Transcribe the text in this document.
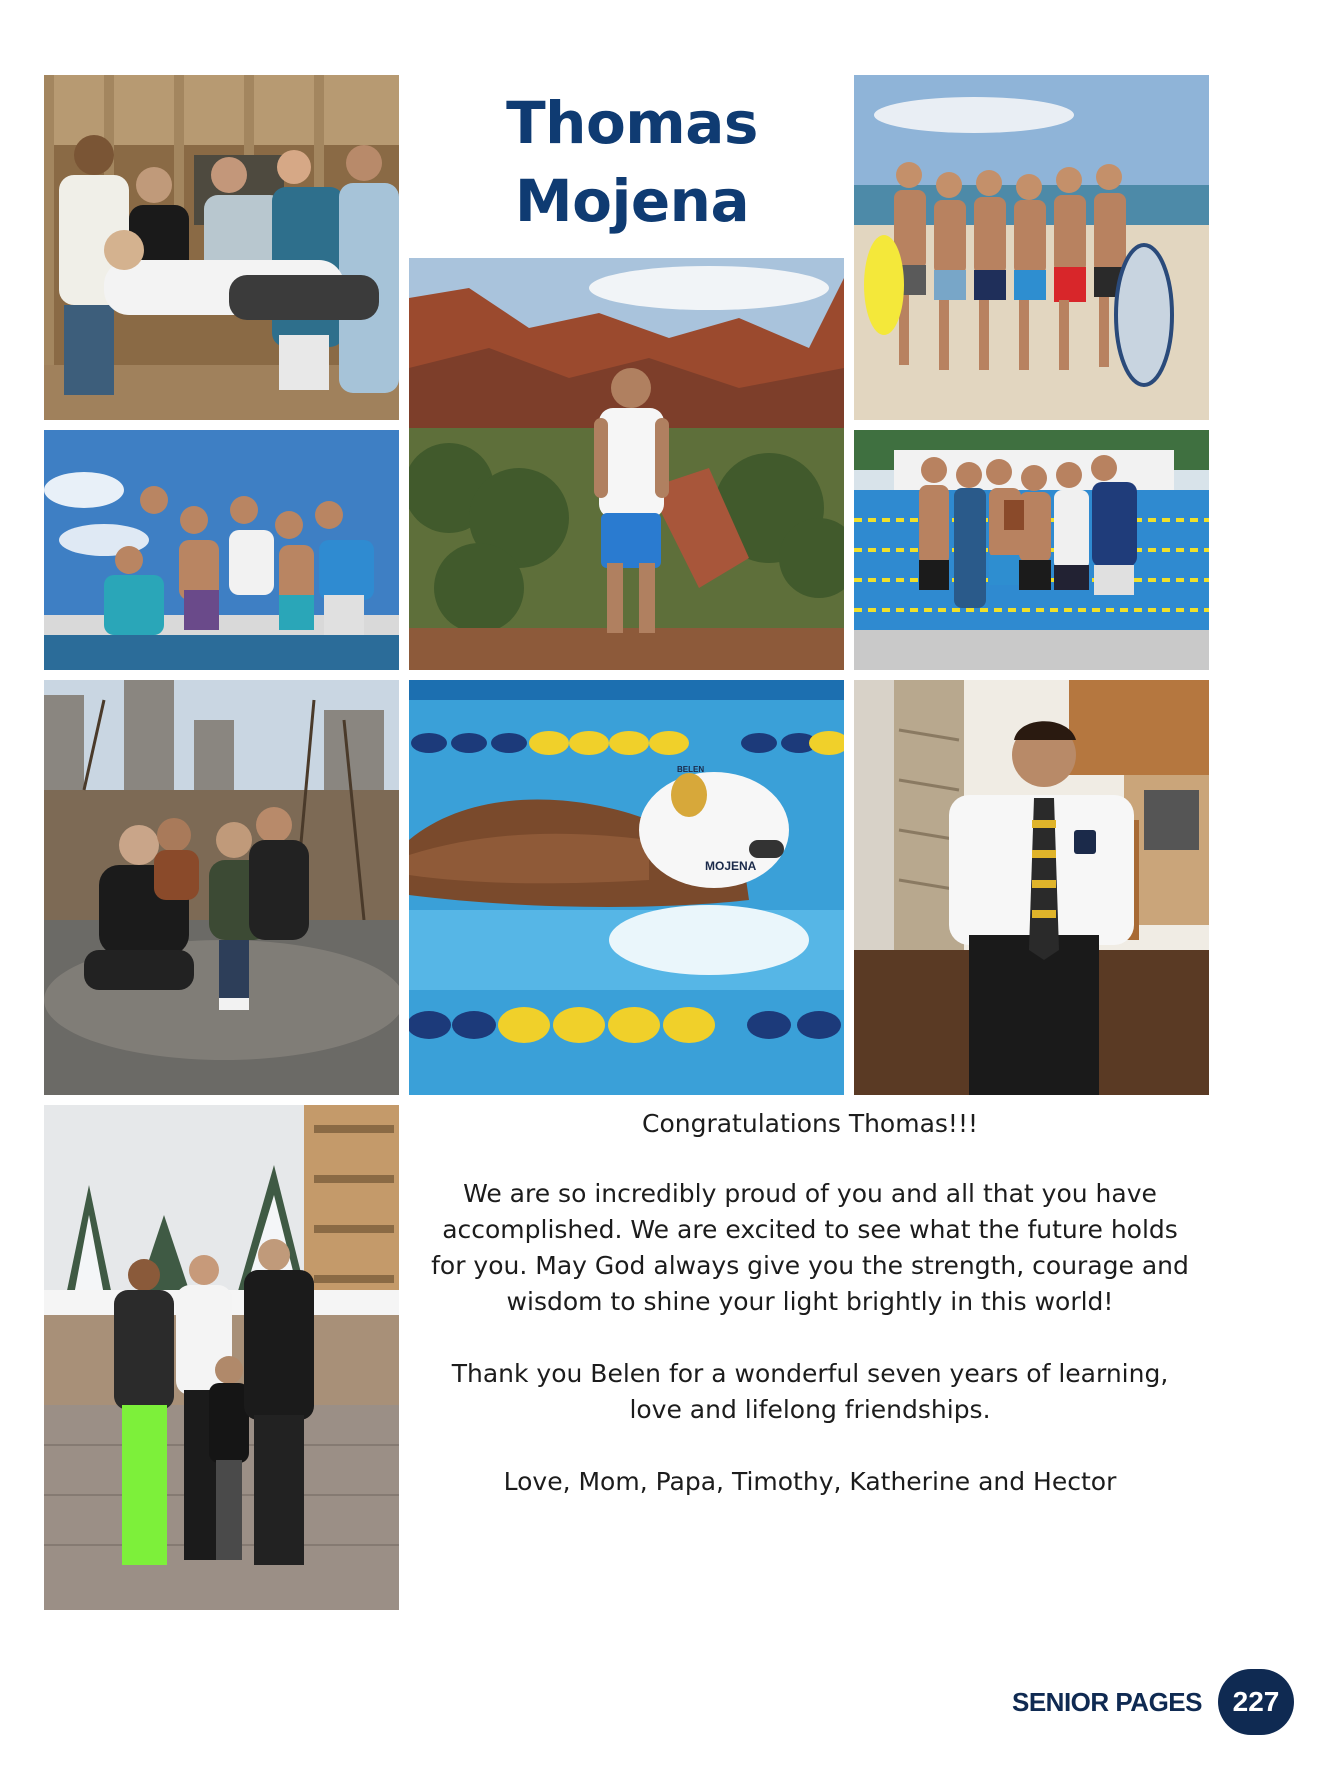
Thomas
Mojena
MOJENA
BELEN

Congratulations Thomas!!!

We are so incredibly proud of you and all that you have accomplished. We are excited to see what the future holds for you. May God always give you the strength, courage and wisdom to shine your light brightly in this world!

Thank you Belen for a wonderful seven years of learning, love and lifelong friendships.

Love, Mom, Papa, Timothy, Katherine and Hector

SENIOR PAGES	227
